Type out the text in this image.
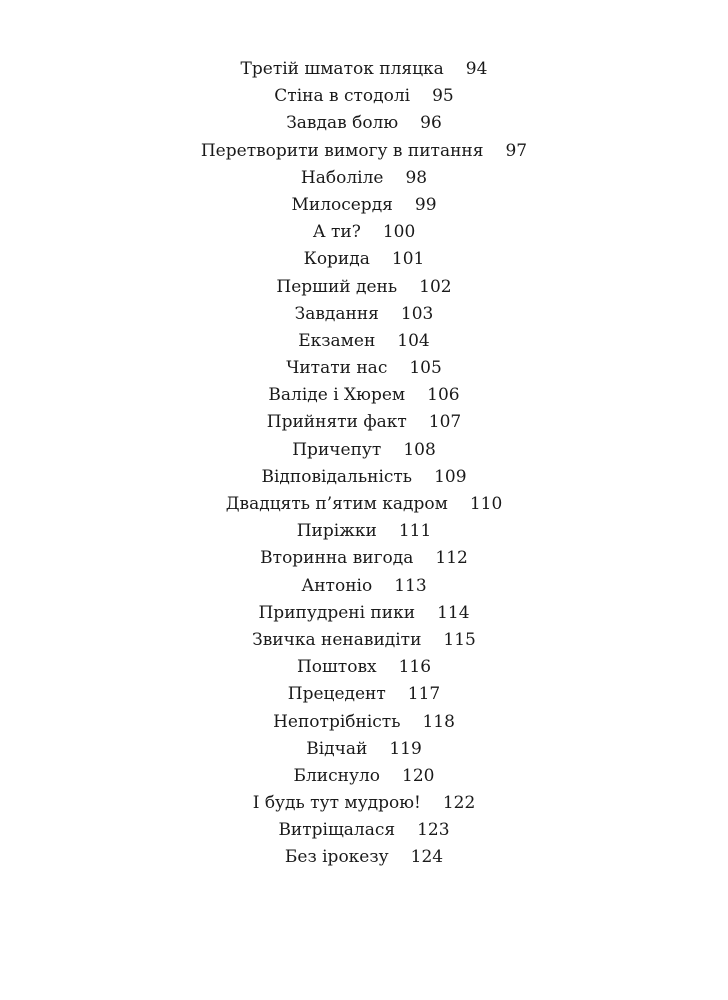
Третій шматок пляцка 94
Стіна в стодолі 95
Завдав болю 96
Перетворити вимогу в питання 97
Наболіле 98
Милосердя 99
А ти? 100
Корида 101
Перший день 102
Завдання 103
Екзамен 104
Читати нас 105
Валіде і Хюрем 106
Прийняти факт 107
Причепут 108
Відповідальність 109
Двадцять п’ятим кадром 110
Пиріжки 111
Вторинна вигода 112
Антоніо 113
Припудрені пики 114
Звичка ненавидіти 115
Поштовх 116
Прецедент 117
Непотрібність 118
Відчай 119
Блиснуло 120
І будь тут мудрою! 122
Витріщалася 123
Без ірокезу 124
